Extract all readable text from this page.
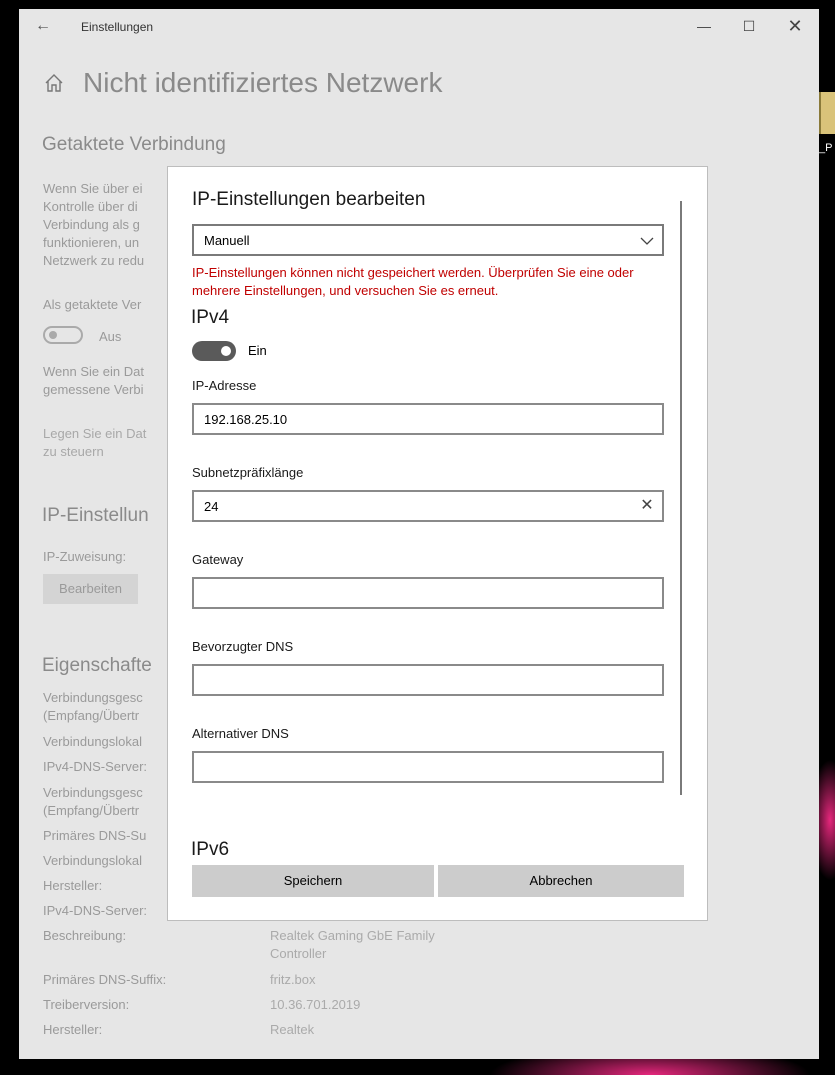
_P
←	Einstellungen	—	☐	✕
Nicht identifiziertes Netzwerk
Getaktete Verbindung
Wenn Sie über ei
Kontrolle über di
Verbindung als g
funktionieren, un
Netzwerk zu redu
Als getaktete Ver
Aus
Wenn Sie ein Dat
gemessene Verbi
Legen Sie ein Dat
zu steuern
IP-Einstellun
IP-Zuweisung:
Bearbeiten
Eigenschafte
Verbindungsgesc
(Empfang/Übertr
Verbindungslokal
IPv4-DNS-Server:
Verbindungsgesc
(Empfang/Übertr
Primäres DNS-Su
Verbindungslokal
Hersteller:
IPv4-DNS-Server:
Beschreibung:	Realtek Gaming GbE Family
Controller
Primäres DNS-Suffix:	fritz.box
Treiberversion:	10.36.701.2019
Hersteller:	Realtek
IP-Einstellungen bearbeiten
Manuell
IP-Einstellungen können nicht gespeichert werden. Überprüfen Sie eine oder
mehrere Einstellungen, und versuchen Sie es erneut.
IPv4
Ein
IP-Adresse
192.168.25.10
Subnetzpräfixlänge
24	✕
Gateway
Bevorzugter DNS
Alternativer DNS
IPv6
Speichern	Abbrechen
